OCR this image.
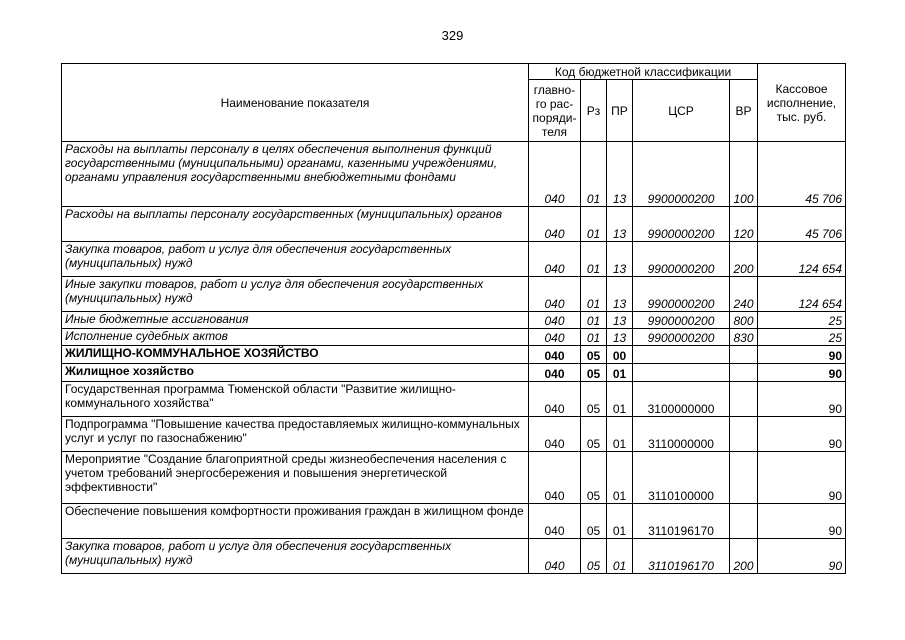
329
Наименование показателя	Код бюджетной классификации					Кассовое исполнение, тыс. руб.
	главно-го рас-поряди-теля	Рз	ПР	ЦСР	ВР	
Расходы на выплаты персоналу в целях обеспечения выполнения функций государственными (муниципальными) органами, казенными учреждениями, органами управления государственными внебюджетными фондами	040	01	13	9900000200	100	45 706
Расходы на выплаты персоналу государственных (муниципальных) органов	040	01	13	9900000200	120	45 706
Закупка товаров, работ и услуг для обеспечения государственных (муниципальных) нужд	040	01	13	9900000200	200	124 654
Иные закупки товаров, работ и услуг для обеспечения государственных (муниципальных) нужд	040	01	13	9900000200	240	124 654
Иные бюджетные ассигнования	040	01	13	9900000200	800	25
Исполнение судебных актов	040	01	13	9900000200	830	25
ЖИЛИЩНО-КОММУНАЛЬНОЕ ХОЗЯЙСТВО	040	05	00			90
Жилищное хозяйство	040	05	01			90
Государственная программа Тюменской области "Развитие жилищно-коммунального хозяйства"	040	05	01	3100000000		90
Подпрограмма "Повышение качества предоставляемых жилищно-коммунальных услуг и услуг по газоснабжению"	040	05	01	3110000000		90
Мероприятие "Создание благоприятной среды жизнеобеспечения населения с учетом требований энергосбережения и повышения энергетической эффективности"	040	05	01	3110100000		90
Обеспечение повышения комфортности проживания граждан в жилищном фонде	040	05	01	3110196170		90
Закупка товаров, работ и услуг для обеспечения государственных (муниципальных) нужд	040	05	01	3110196170	200	90
